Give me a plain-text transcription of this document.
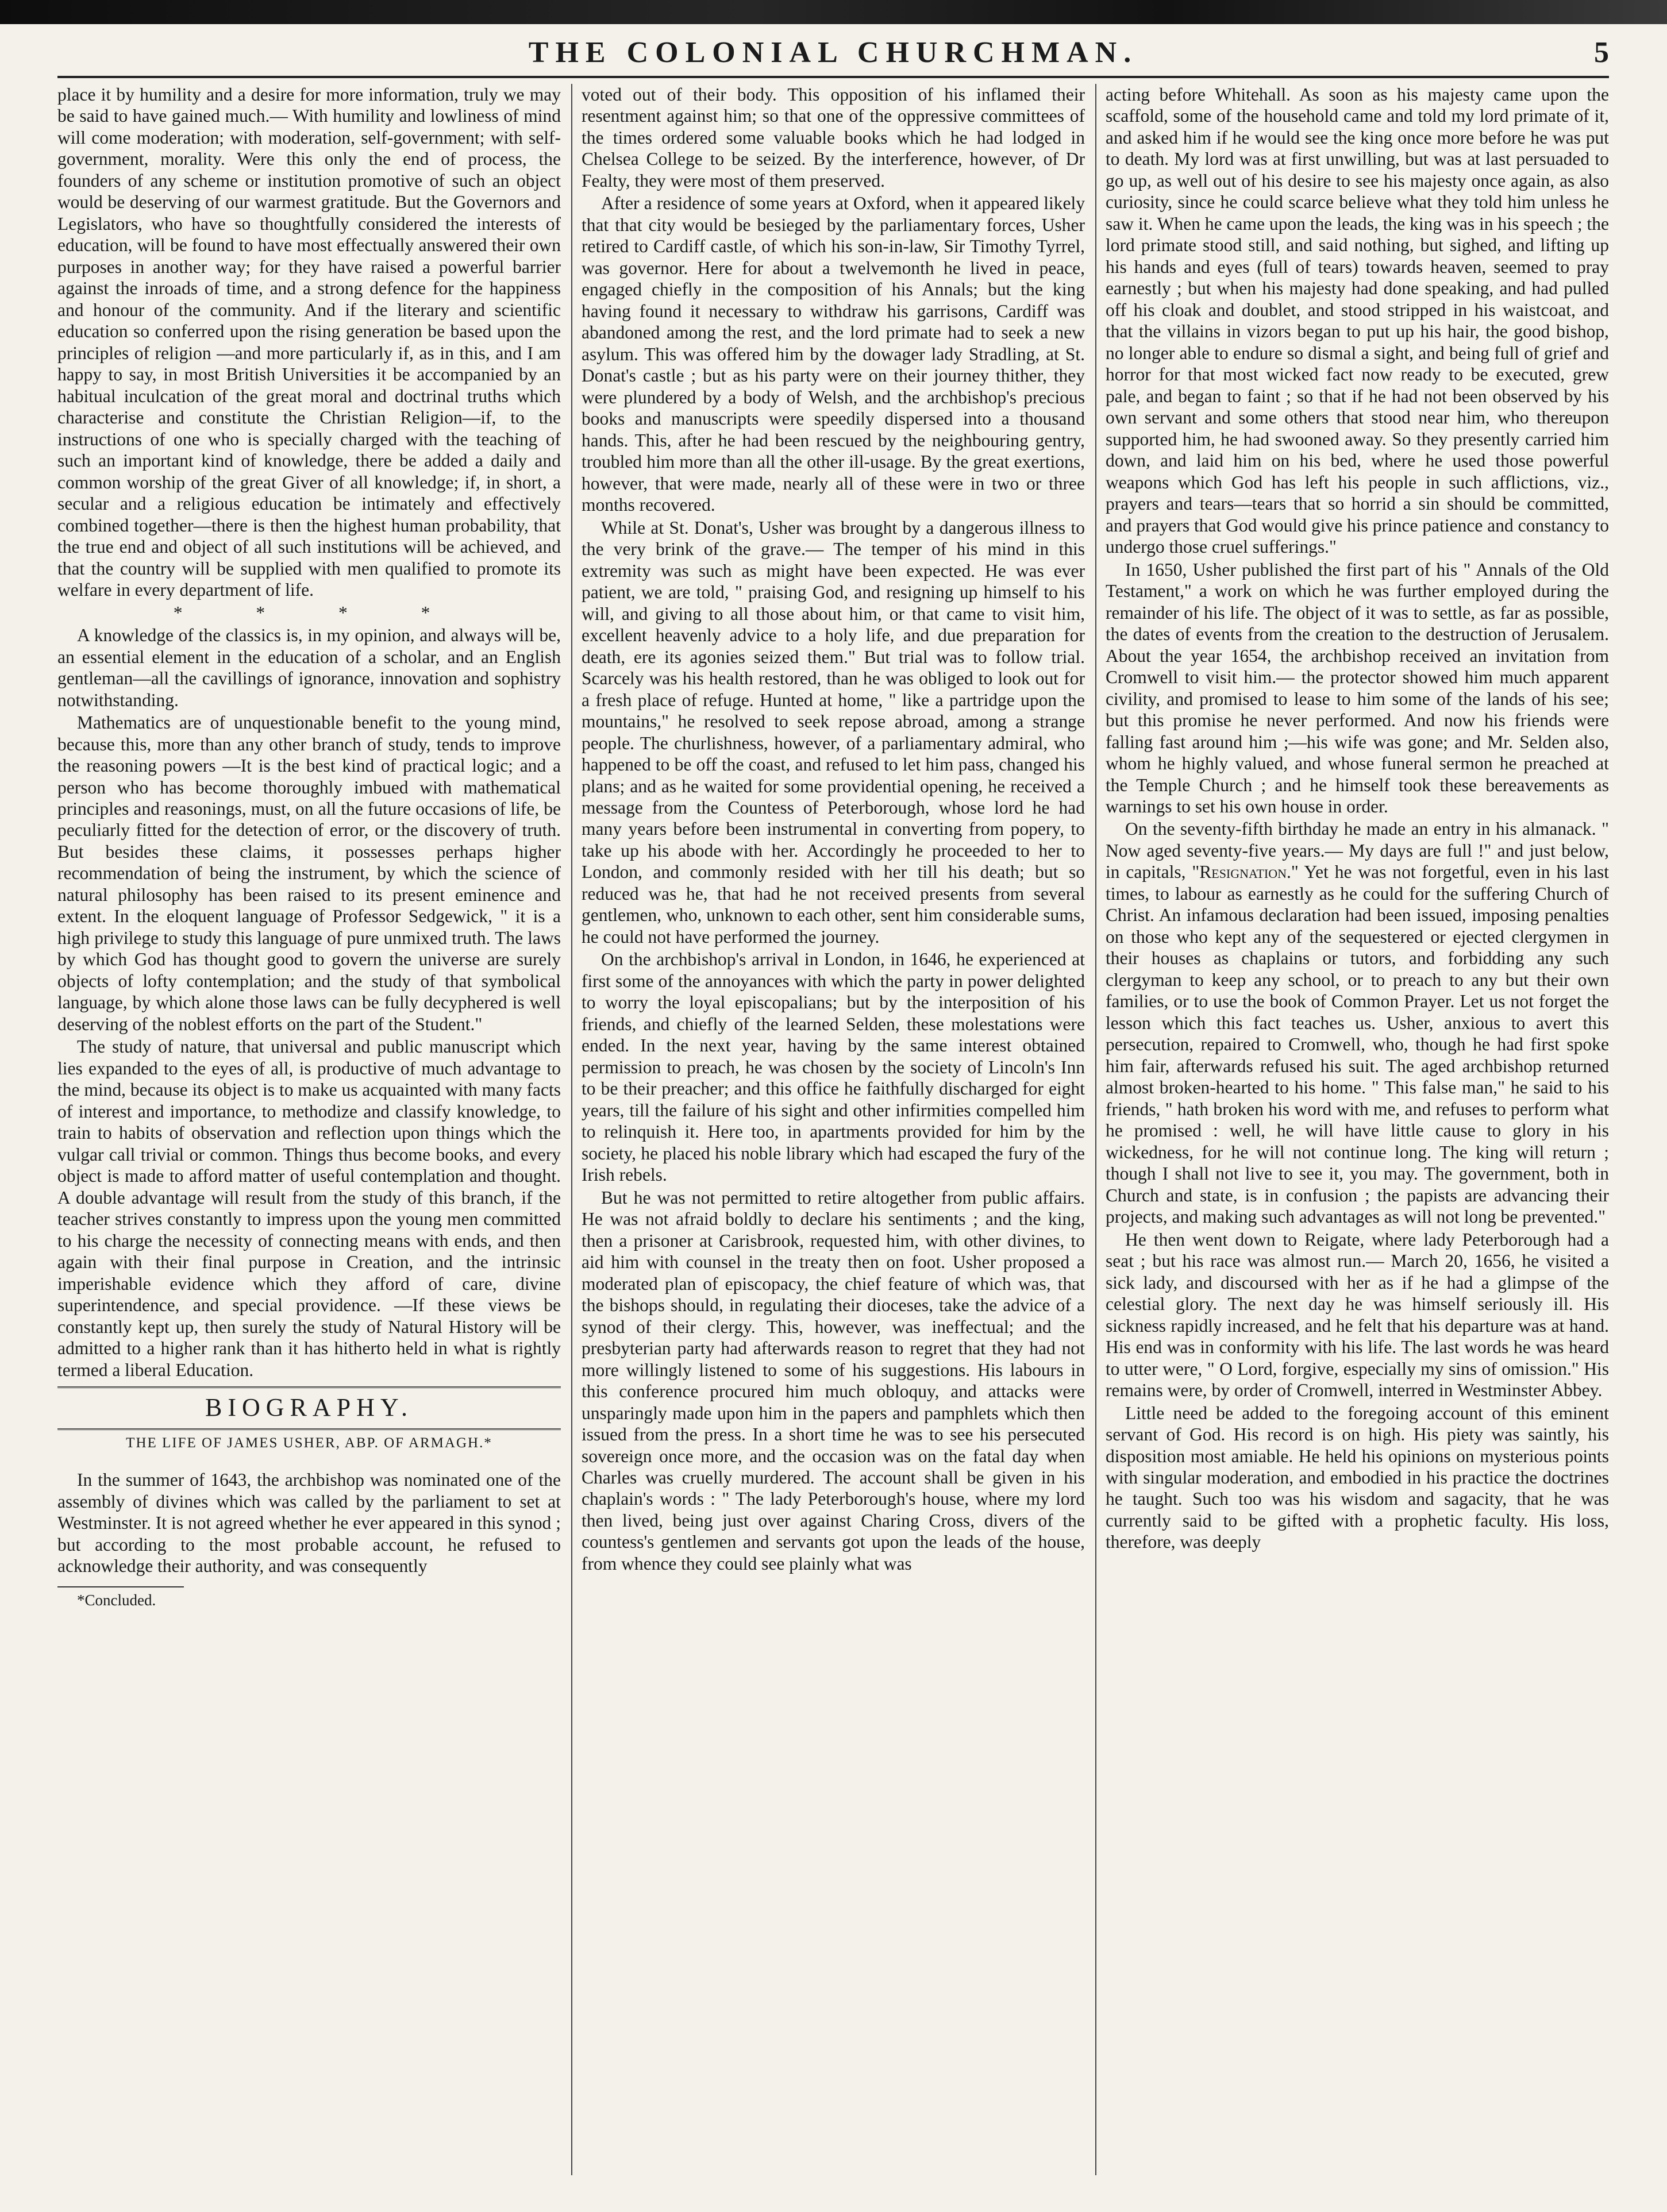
THE COLONIAL CHURCHMAN.	5

place it by humility and a desire for more information, truly we may be said to have gained much.— With humility and lowliness of mind will come moderation; with moderation, self-government; with self-government, morality. Were this only the end of process, the founders of any scheme or institution promotive of such an object would be deserving of our warmest gratitude. But the Governors and Legislators, who have so thoughtfully considered the interests of education, will be found to have most effectually answered their own purposes in another way; for they have raised a powerful barrier against the inroads of time, and a strong defence for the happiness and honour of the community. And if the literary and scientific education so conferred upon the rising generation be based upon the principles of religion —and more particularly if, as in this, and I am happy to say, in most British Universities it be accompanied by an habitual inculcation of the great moral and doctrinal truths which characterise and constitute the Christian Religion—if, to the instructions of one who is specially charged with the teaching of such an important kind of knowledge, there be added a daily and common worship of the great Giver of all knowledge; if, in short, a secular and a religious education be intimately and effectively combined together—there is then the highest human probability, that the true end and object of all such institutions will be achieved, and that the country will be supplied with men qualified to promote its welfare in every department of life.

* * * *

A knowledge of the classics is, in my opinion, and always will be, an essential element in the education of a scholar, and an English gentleman—all the cavillings of ignorance, innovation and sophistry notwithstanding.

Mathematics are of unquestionable benefit to the young mind, because this, more than any other branch of study, tends to improve the reasoning powers —It is the best kind of practical logic; and a person who has become thoroughly imbued with mathematical principles and reasonings, must, on all the future occasions of life, be peculiarly fitted for the detection of error, or the discovery of truth. But besides these claims, it possesses perhaps higher recommendation of being the instrument, by which the science of natural philosophy has been raised to its present eminence and extent. In the eloquent language of Professor Sedgewick, " it is a high privilege to study this language of pure unmixed truth. The laws by which God has thought good to govern the universe are surely objects of lofty contemplation; and the study of that symbolical language, by which alone those laws can be fully decyphered is well deserving of the noblest efforts on the part of the Student."

The study of nature, that universal and public manuscript which lies expanded to the eyes of all, is productive of much advantage to the mind, because its object is to make us acquainted with many facts of interest and importance, to methodize and classify knowledge, to train to habits of observation and reflection upon things which the vulgar call trivial or common. Things thus become books, and every object is made to afford matter of useful contemplation and thought. A double advantage will result from the study of this branch, if the teacher strives constantly to impress upon the young men committed to his charge the necessity of connecting means with ends, and then again with their final purpose in Creation, and the intrinsic imperishable evidence which they afford of care, divine superintendence, and special providence. —If these views be constantly kept up, then surely the study of Natural History will be admitted to a higher rank than it has hitherto held in what is rightly termed a liberal Education.

BIOGRAPHY.
THE LIFE OF JAMES USHER, ABP. OF ARMAGH.*

In the summer of 1643, the archbishop was nominated one of the assembly of divines which was called by the parliament to set at Westminster. It is not agreed whether he ever appeared in this synod ; but according to the most probable account, he refused to acknowledge their authority, and was consequently

*Concluded.

voted out of their body. This opposition of his inflamed their resentment against him; so that one of the oppressive committees of the times ordered some valuable books which he had lodged in Chelsea College to be seized. By the interference, however, of Dr Fealty, they were most of them preserved.

After a residence of some years at Oxford, when it appeared likely that that city would be besieged by the parliamentary forces, Usher retired to Cardiff castle, of which his son-in-law, Sir Timothy Tyrrel, was governor. Here for about a twelvemonth he lived in peace, engaged chiefly in the composition of his Annals; but the king having found it necessary to withdraw his garrisons, Cardiff was abandoned among the rest, and the lord primate had to seek a new asylum. This was offered him by the dowager lady Stradling, at St. Donat's castle ; but as his party were on their journey thither, they were plundered by a body of Welsh, and the archbishop's precious books and manuscripts were speedily dispersed into a thousand hands. This, after he had been rescued by the neighbouring gentry, troubled him more than all the other ill-usage. By the great exertions, however, that were made, nearly all of these were in two or three months recovered.

While at St. Donat's, Usher was brought by a dangerous illness to the very brink of the grave.— The temper of his mind in this extremity was such as might have been expected. He was ever patient, we are told, " praising God, and resigning up himself to his will, and giving to all those about him, or that came to visit him, excellent heavenly advice to a holy life, and due preparation for death, ere its agonies seized them." But trial was to follow trial. Scarcely was his health restored, than he was obliged to look out for a fresh place of refuge. Hunted at home, " like a partridge upon the mountains," he resolved to seek repose abroad, among a strange people. The churlishness, however, of a parliamentary admiral, who happened to be off the coast, and refused to let him pass, changed his plans; and as he waited for some providential opening, he received a message from the Countess of Peterborough, whose lord he had many years before been instrumental in converting from popery, to take up his abode with her. Accordingly he proceeded to her to London, and commonly resided with her till his death; but so reduced was he, that had he not received presents from several gentlemen, who, unknown to each other, sent him considerable sums, he could not have performed the journey.

On the archbishop's arrival in London, in 1646, he experienced at first some of the annoyances with which the party in power delighted to worry the loyal episcopalians; but by the interposition of his friends, and chiefly of the learned Selden, these molestations were ended. In the next year, having by the same interest obtained permission to preach, he was chosen by the society of Lincoln's Inn to be their preacher; and this office he faithfully discharged for eight years, till the failure of his sight and other infirmities compelled him to relinquish it. Here too, in apartments provided for him by the society, he placed his noble library which had escaped the fury of the Irish rebels.

But he was not permitted to retire altogether from public affairs. He was not afraid boldly to declare his sentiments ; and the king, then a prisoner at Carisbrook, requested him, with other divines, to aid him with counsel in the treaty then on foot. Usher proposed a moderated plan of episcopacy, the chief feature of which was, that the bishops should, in regulating their dioceses, take the advice of a synod of their clergy. This, however, was ineffectual; and the presbyterian party had afterwards reason to regret that they had not more willingly listened to some of his suggestions. His labours in this conference procured him much obloquy, and attacks were unsparingly made upon him in the papers and pamphlets which then issued from the press. In a short time he was to see his persecuted sovereign once more, and the occasion was on the fatal day when Charles was cruelly murdered. The account shall be given in his chaplain's words : " The lady Peterborough's house, where my lord then lived, being just over against Charing Cross, divers of the countess's gentlemen and servants got upon the leads of the house, from whence they could see plainly what was

acting before Whitehall. As soon as his majesty came upon the scaffold, some of the household came and told my lord primate of it, and asked him if he would see the king once more before he was put to death. My lord was at first unwilling, but was at last persuaded to go up, as well out of his desire to see his majesty once again, as also curiosity, since he could scarce believe what they told him unless he saw it. When he came upon the leads, the king was in his speech ; the lord primate stood still, and said nothing, but sighed, and lifting up his hands and eyes (full of tears) towards heaven, seemed to pray earnestly ; but when his majesty had done speaking, and had pulled off his cloak and doublet, and stood stripped in his waistcoat, and that the villains in vizors began to put up his hair, the good bishop, no longer able to endure so dismal a sight, and being full of grief and horror for that most wicked fact now ready to be executed, grew pale, and began to faint ; so that if he had not been observed by his own servant and some others that stood near him, who thereupon supported him, he had swooned away. So they presently carried him down, and laid him on his bed, where he used those powerful weapons which God has left his people in such afflictions, viz., prayers and tears—tears that so horrid a sin should be committed, and prayers that God would give his prince patience and constancy to undergo those cruel sufferings."

In 1650, Usher published the first part of his " Annals of the Old Testament," a work on which he was further employed during the remainder of his life. The object of it was to settle, as far as possible, the dates of events from the creation to the destruction of Jerusalem. About the year 1654, the archbishop received an invitation from Cromwell to visit him.— the protector showed him much apparent civility, and promised to lease to him some of the lands of his see; but this promise he never performed. And now his friends were falling fast around him ;—his wife was gone; and Mr. Selden also, whom he highly valued, and whose funeral sermon he preached at the Temple Church ; and he himself took these bereavements as warnings to set his own house in order.

On the seventy-fifth birthday he made an entry in his almanack. " Now aged seventy-five years.— My days are full !" and just below, in capitals, "Resignation." Yet he was not forgetful, even in his last times, to labour as earnestly as he could for the suffering Church of Christ. An infamous declaration had been issued, imposing penalties on those who kept any of the sequestered or ejected clergymen in their houses as chaplains or tutors, and forbidding any such clergyman to keep any school, or to preach to any but their own families, or to use the book of Common Prayer. Let us not forget the lesson which this fact teaches us. Usher, anxious to avert this persecution, repaired to Cromwell, who, though he had first spoke him fair, afterwards refused his suit. The aged archbishop returned almost broken-hearted to his home. " This false man," he said to his friends, " hath broken his word with me, and refuses to perform what he promised : well, he will have little cause to glory in his wickedness, for he will not continue long. The king will return ; though I shall not live to see it, you may. The government, both in Church and state, is in confusion ; the papists are advancing their projects, and making such advantages as will not long be prevented."

He then went down to Reigate, where lady Peterborough had a seat ; but his race was almost run.— March 20, 1656, he visited a sick lady, and discoursed with her as if he had a glimpse of the celestial glory. The next day he was himself seriously ill. His sickness rapidly increased, and he felt that his departure was at hand. His end was in conformity with his life. The last words he was heard to utter were, " O Lord, forgive, especially my sins of omission." His remains were, by order of Cromwell, interred in Westminster Abbey.

Little need be added to the foregoing account of this eminent servant of God. His record is on high. His piety was saintly, his disposition most amiable. He held his opinions on mysterious points with singular moderation, and embodied in his practice the doctrines he taught. Such too was his wisdom and sagacity, that he was currently said to be gifted with a prophetic faculty. His loss, therefore, was deeply
